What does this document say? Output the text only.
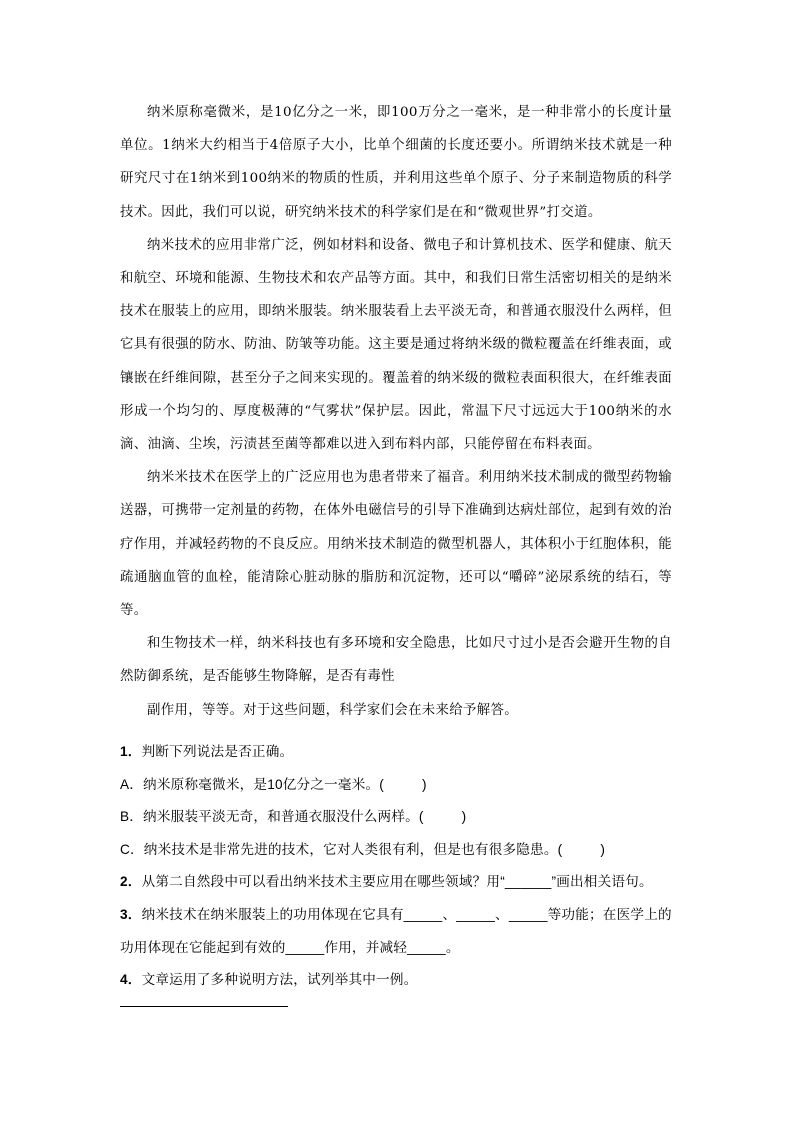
纳米原称毫微米，是10亿分之一米，即100万分之一毫米，是一种非常小的长度计量单位。1纳米大约相当于4倍原子大小，比单个细菌的长度还要小。所谓纳米技术就是一种研究尺寸在1纳米到100纳米的物质的性质，并利用这些单个原子、分子来制造物质的科学技术。因此，我们可以说，研究纳米技术的科学家们是在和“微观世界”打交道。

纳米技术的应用非常广泛，例如材料和设备、微电子和计算机技术、医学和健康、航天和航空、环境和能源、生物技术和农产品等方面。其中，和我们日常生活密切相关的是纳米技术在服装上的应用，即纳米服装。纳米服装看上去平淡无奇，和普通衣服没什么两样，但它具有很强的防水、防油、防皱等功能。这主要是通过将纳米级的微粒覆盖在纤维表面，或镶嵌在纤维间隙，甚至分子之间来实现的。覆盖着的纳米级的微粒表面积很大，在纤维表面形成一个均匀的、厚度极薄的“气雾状”保护层。因此，常温下尺寸远远大于100纳米的水滴、油滴、尘埃，污渍甚至菌等都难以进入到布料内部，只能停留在布料表面。

纳米米技术在医学上的广泛应用也为患者带来了福音。利用纳米技术制成的微型药物输送器，可携带一定剂量的药物，在体外电磁信号的引导下准确到达病灶部位，起到有效的治疗作用，并减轻药物的不良反应。用纳米技术制造的微型机器人，其体积小于红胞体积，能疏通脑血管的血栓，能清除心脏动脉的脂肪和沉淀物，还可以“嚼碎”泌尿系统的结石，等等。

和生物技术一样，纳米科技也有多环境和安全隐患，比如尺寸过小是否会避开生物的自然防御系统，是否能够生物降解，是否有毒性

副作用，等等。对于这些问题，科学家们会在未来给予解答。

1．判断下列说法是否正确。

A．纳米原称毫微米，是10亿分之一毫米。(	)

B．纳米服装平淡无奇，和普通衣服没什么两样。(	)

C．纳米技术是非常先进的技术，它对人类很有利，但是也有很多隐患。(	)

2．从第二自然段中可以看出纳米技术主要应用在哪些领域？用“______”画出相关语句。

3．纳米技术在纳米服装上的功用体现在它具有_____、_____、_____等功能；在医学上的

功用体现在它能起到有效的_____作用，并减轻_____。

4．文章运用了多种说明方法，试列举其中一例。
